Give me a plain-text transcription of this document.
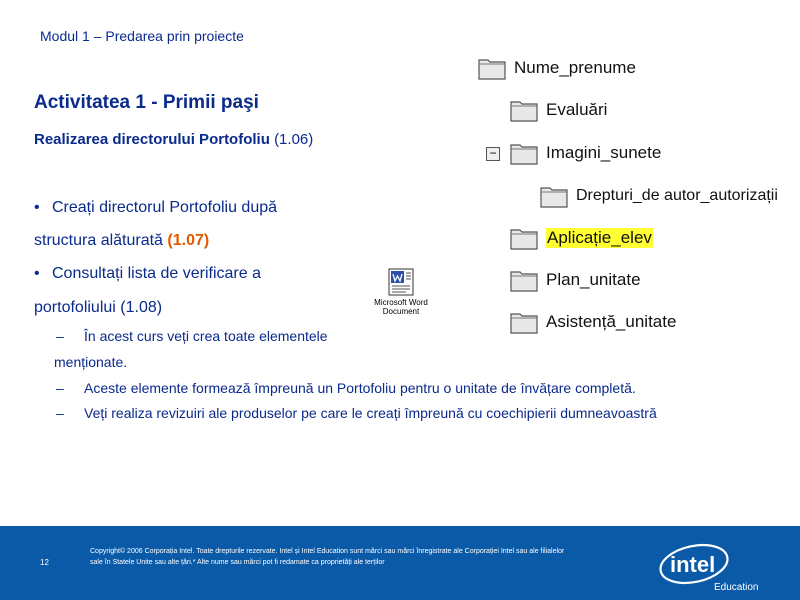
Modul 1 – Predarea prin proiecte
Activitatea 1 - Primii paşi
Realizarea directorului Portofoliu (1.06)
• Creați directorul Portofoliu după
structura alăturată (1.07)
• Consultați lista de verificare a
portofoliului (1.08)
– În acest curs veți crea toate elementele
menționate.
– Aceste elemente formează împreună un Portofoliu pentru o unitate de învățare completă.
– Veți realiza revizuiri ale produselor pe care le creați împreună cu coechipierii dumneavoastră
Nume_prenume
Evaluări
−	Imagini_sunete
Drepturi_de autor_autorizații
Aplicație_elev
Plan_unitate
Asistență_unitate
Microsoft Word
Document
12
Copyright© 2006 Corporația Intel. Toate drepturile rezervate. Intel și Intel Education sunt mărci sau mărci înregistrate ale Corporației Intel sau ale filialelor
sale în Statele Unite sau alte țări.* Alte nume sau mărci pot fi redamate ca proprietăți ale terților	intel
Education
